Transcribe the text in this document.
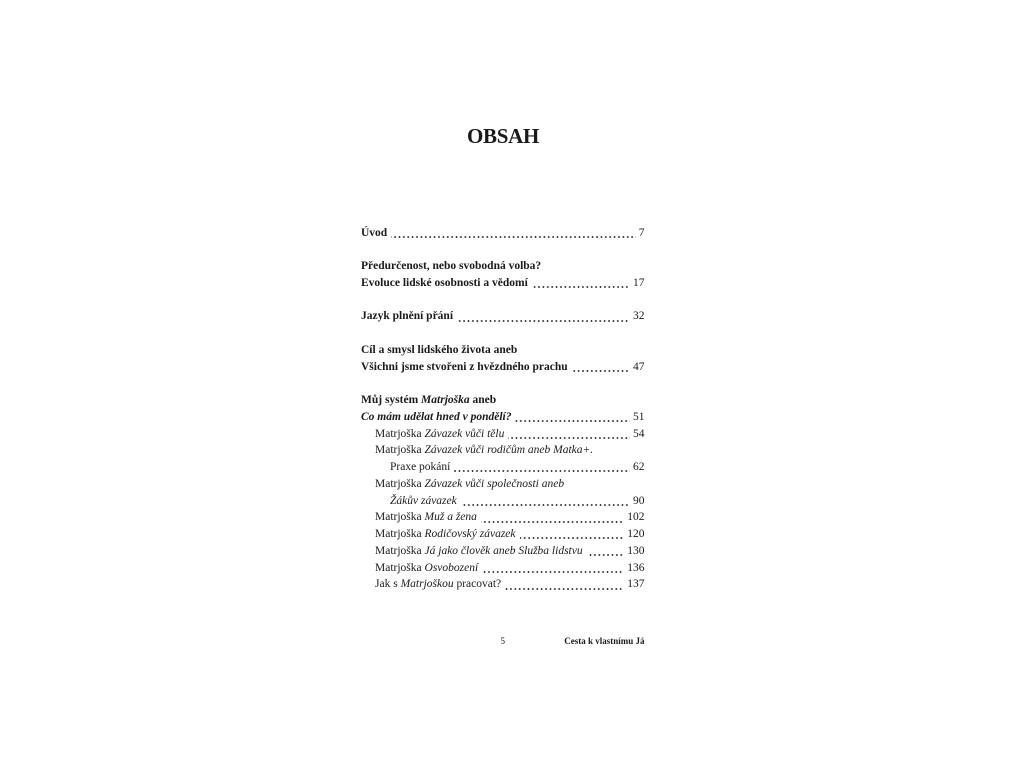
OBSAH
Úvod	7
Předurčenost, nebo svobodná volba?
Evoluce lidské osobnosti a vědomí	17
Jazyk plnění přání	32
Cíl a smysl lidského života aneb
Všichni jsme stvořeni z hvězdného prachu	47
Můj systém Matrjoška aneb
Co mám udělat hned v pondělí?	51
Matrjoška Závazek vůči tělu	54
Matrjoška Závazek vůči rodičům aneb Matka+.
Praxe pokání	62
Matrjoška Závazek vůči společnosti aneb
Žákův závazek	90
Matrjoška Muž a žena	102
Matrjoška Rodičovský závazek	120
Matrjoška Já jako člověk aneb Služba lidstvu	130
Matrjoška Osvobození	136
Jak s Matrjoškou pracovat?	137
5	Cesta k vlastnímu Já
